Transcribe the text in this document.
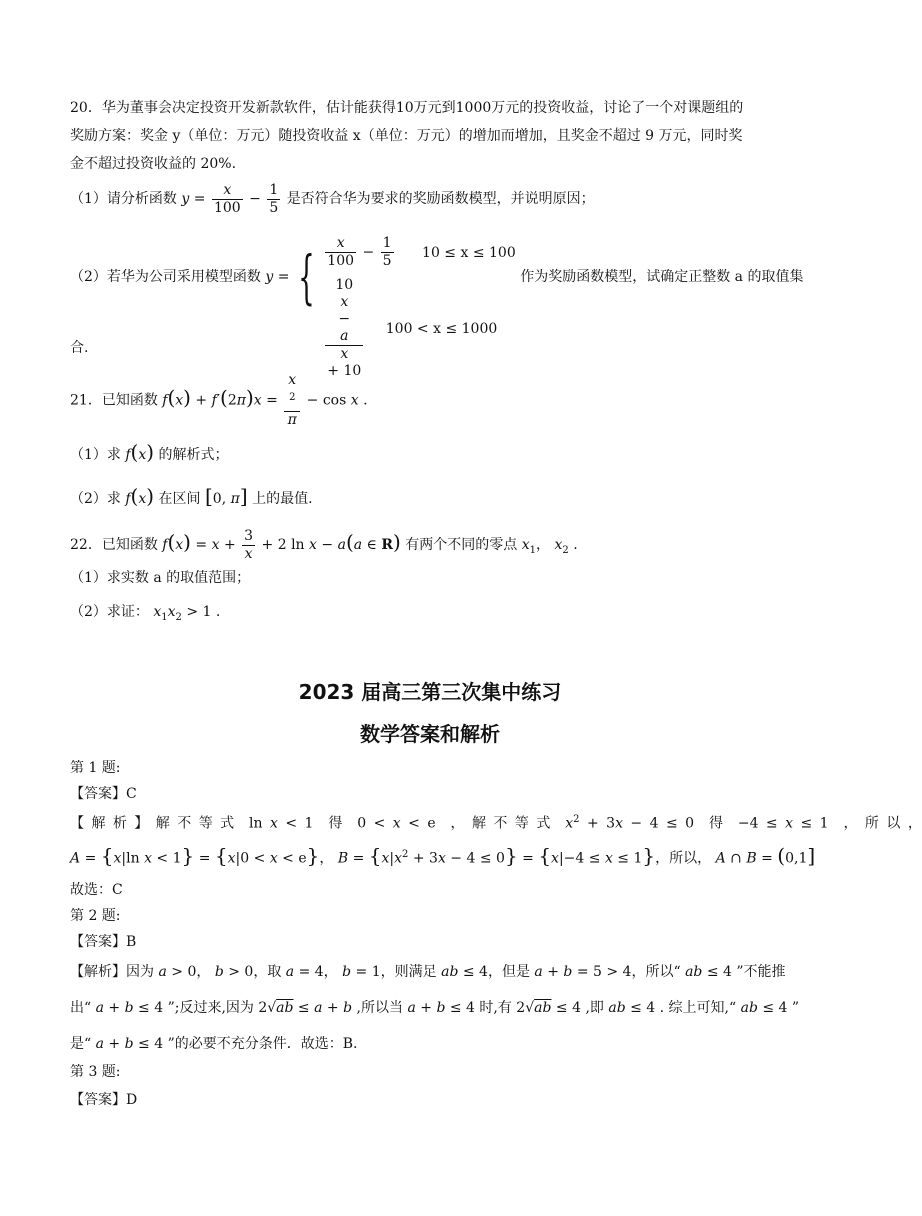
20．华为董事会决定投资开发新款软件，估计能获得10万元到1000万元的投资收益，讨论了一个对课题组的
奖励方案：奖金 y（单位：万元）随投资收益 x（单位：万元）的增加而增加，且奖金不超过 9 万元，同时奖
金不超过投资收益的 20%.
（1）请分析函数 $y = \frac{x}{100} - \frac{1}{5}$ 是否符合华为要求的奖励函数模型，并说明原因；
（2）若华为公司采用模型函数 y = { $\frac{x}{100} - \frac{1}{5} 10 \le x \le 100$
10
x
−
a
x
+ 10 100 < x ≤ 1000
作为奖励函数模型，试确定正整数 a 的取值集
合.
21．已知函数 f(x) + f′(2π)x = x
$^2$
π − cos x .
（1）求 f(x) 的解析式；
（2）求 f(x) 在区间 [0, π] 上的最值.
22．已知函数 $f(x) = x + \frac{3}{x} + 2$ ln x − a(a ∈ R) 有两个不同的零点 $x_1$， $x_2$ .
（1）求实数 a 的取值范围；
（2）求证： $x_1x_2 > 1$ .
2023 届高三第三次集中练习
数学答案和解析
第 1 题:
【答案】C
【 解 析 】 解 不 等 式  ln x < 1  得  0 < x < e  ， 解 不 等 式  $x^2 + 3x - 4 \le 0$  得  −4 ≤ x ≤ 1  ， 所 以 ，
A = {x|ln x < 1} = {x|0 < x < e}， $B = \{x|x^2 + 3x - 4 \le 0\} = \{x|-4 \le x \le 1\}$，所以， A ∩ B = (0,1]
故选：C
第 2 题:
【答案】B
【解析】因为 a > 0， b > 0，取 a = 4， b = 1，则满足 ab ≤ 4，但是 a + b = 5 > 4，所以“ ab ≤ 4 ”不能推
出“ a + b ≤ 4 ”;反过来,因为 2√ab ≤ a + b ,所以当 a + b ≤ 4 时,有 2√ab ≤ 4 ,即 ab ≤ 4 . 综上可知,“ ab ≤ 4 ”
是“ a + b ≤ 4 ”的必要不充分条件．故选：B.
第 3 题:
【答案】D
